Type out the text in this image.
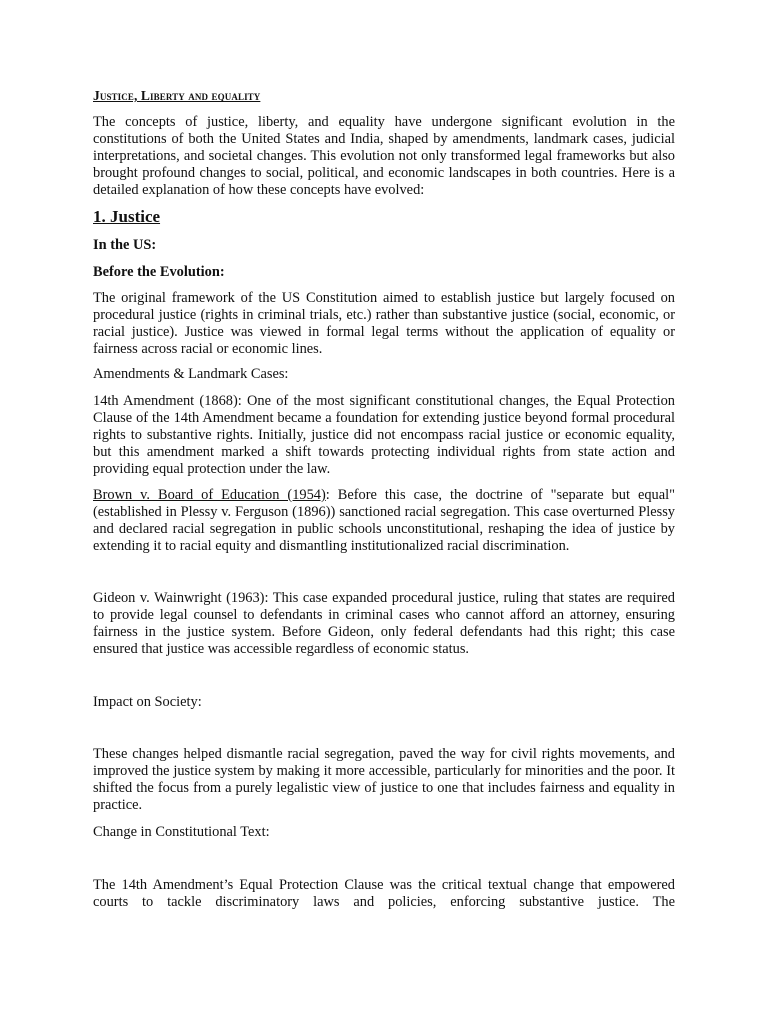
Justice, Liberty and equality

The concepts of justice, liberty, and equality have undergone significant evolution in the constitutions of both the United States and India, shaped by amendments, landmark cases, judicial interpretations, and societal changes. This evolution not only transformed legal frameworks but also brought profound changes to social, political, and economic landscapes in both countries. Here is a detailed explanation of how these concepts have evolved:

1. Justice
In the US:
Before the Evolution:

The original framework of the US Constitution aimed to establish justice but largely focused on procedural justice (rights in criminal trials, etc.) rather than substantive justice (social, economic, or racial justice). Justice was viewed in formal legal terms without the application of equality or fairness across racial or economic lines.

Amendments & Landmark Cases:

14th Amendment (1868): One of the most significant constitutional changes, the Equal Protection Clause of the 14th Amendment became a foundation for extending justice beyond formal procedural rights to substantive rights. Initially, justice did not encompass racial justice or economic equality, but this amendment marked a shift towards protecting individual rights from state action and providing equal protection under the law.

Brown v. Board of Education (1954): Before this case, the doctrine of "separate but equal" (established in Plessy v. Ferguson (1896)) sanctioned racial segregation. This case overturned Plessy and declared racial segregation in public schools unconstitutional, reshaping the idea of justice by extending it to racial equity and dismantling institutionalized racial discrimination.

Gideon v. Wainwright (1963): This case expanded procedural justice, ruling that states are required to provide legal counsel to defendants in criminal cases who cannot afford an attorney, ensuring fairness in the justice system. Before Gideon, only federal defendants had this right; this case ensured that justice was accessible regardless of economic status.

Impact on Society:

These changes helped dismantle racial segregation, paved the way for civil rights movements, and improved the justice system by making it more accessible, particularly for minorities and the poor. It shifted the focus from a purely legalistic view of justice to one that includes fairness and equality in practice.

Change in Constitutional Text:

The 14th Amendment’s Equal Protection Clause was the critical textual change that empowered courts to tackle discriminatory laws and policies, enforcing substantive justice. The
